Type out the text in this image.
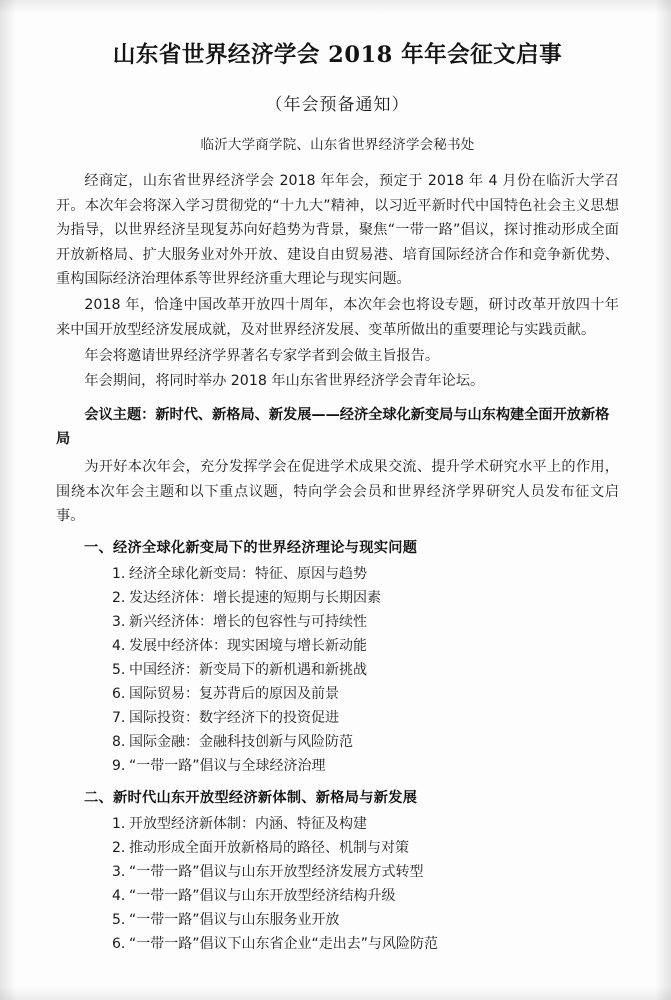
山东省世界经济学会 2018 年年会征文启事
（年会预备通知）
临沂大学商学院、山东省世界经济学会秘书处

经商定，山东省世界经济学会 2018 年年会，预定于 2018 年 4 月份在临沂大学召开。本次年会将深入学习贯彻党的“十九大”精神，以习近平新时代中国特色社会主义思想为指导，以世界经济呈现复苏向好趋势为背景，聚焦“一带一路”倡议，探讨推动形成全面开放新格局、扩大服务业对外开放、建设自由贸易港、培育国际经济合作和竞争新优势、重构国际经济治理体系等世界经济重大理论与现实问题。

2018 年，恰逢中国改革开放四十周年，本次年会也将设专题，研讨改革开放四十年来中国开放型经济发展成就，及对世界经济发展、变革所做出的重要理论与实践贡献。

年会将邀请世界经济学界著名专家学者到会做主旨报告。

年会期间，将同时举办 2018 年山东省世界经济学会青年论坛。

会议主题：新时代、新格局、新发展——经济全球化新变局与山东构建全面开放新格局

为开好本次年会，充分发挥学会在促进学术成果交流、提升学术研究水平上的作用，围绕本次年会主题和以下重点议题，特向学会会员和世界经济学界研究人员发布征文启事。

一、经济全球化新变局下的世界经济理论与现实问题
1. 经济全球化新变局：特征、原因与趋势
2. 发达经济体：增长提速的短期与长期因素
3. 新兴经济体：增长的包容性与可持续性
4. 发展中经济体：现实困境与增长新动能
5. 中国经济：新变局下的新机遇和新挑战
6. 国际贸易：复苏背后的原因及前景
7. 国际投资：数字经济下的投资促进
8. 国际金融：金融科技创新与风险防范
9. “一带一路”倡议与全球经济治理
二、新时代山东开放型经济新体制、新格局与新发展
1. 开放型经济新体制：内涵、特征及构建
2. 推动形成全面开放新格局的路径、机制与对策
3. “一带一路”倡议与山东开放型经济发展方式转型
4. “一带一路”倡议与山东开放型经济结构升级
5. “一带一路”倡议与山东服务业开放
6. “一带一路”倡议下山东省企业“走出去”与风险防范
